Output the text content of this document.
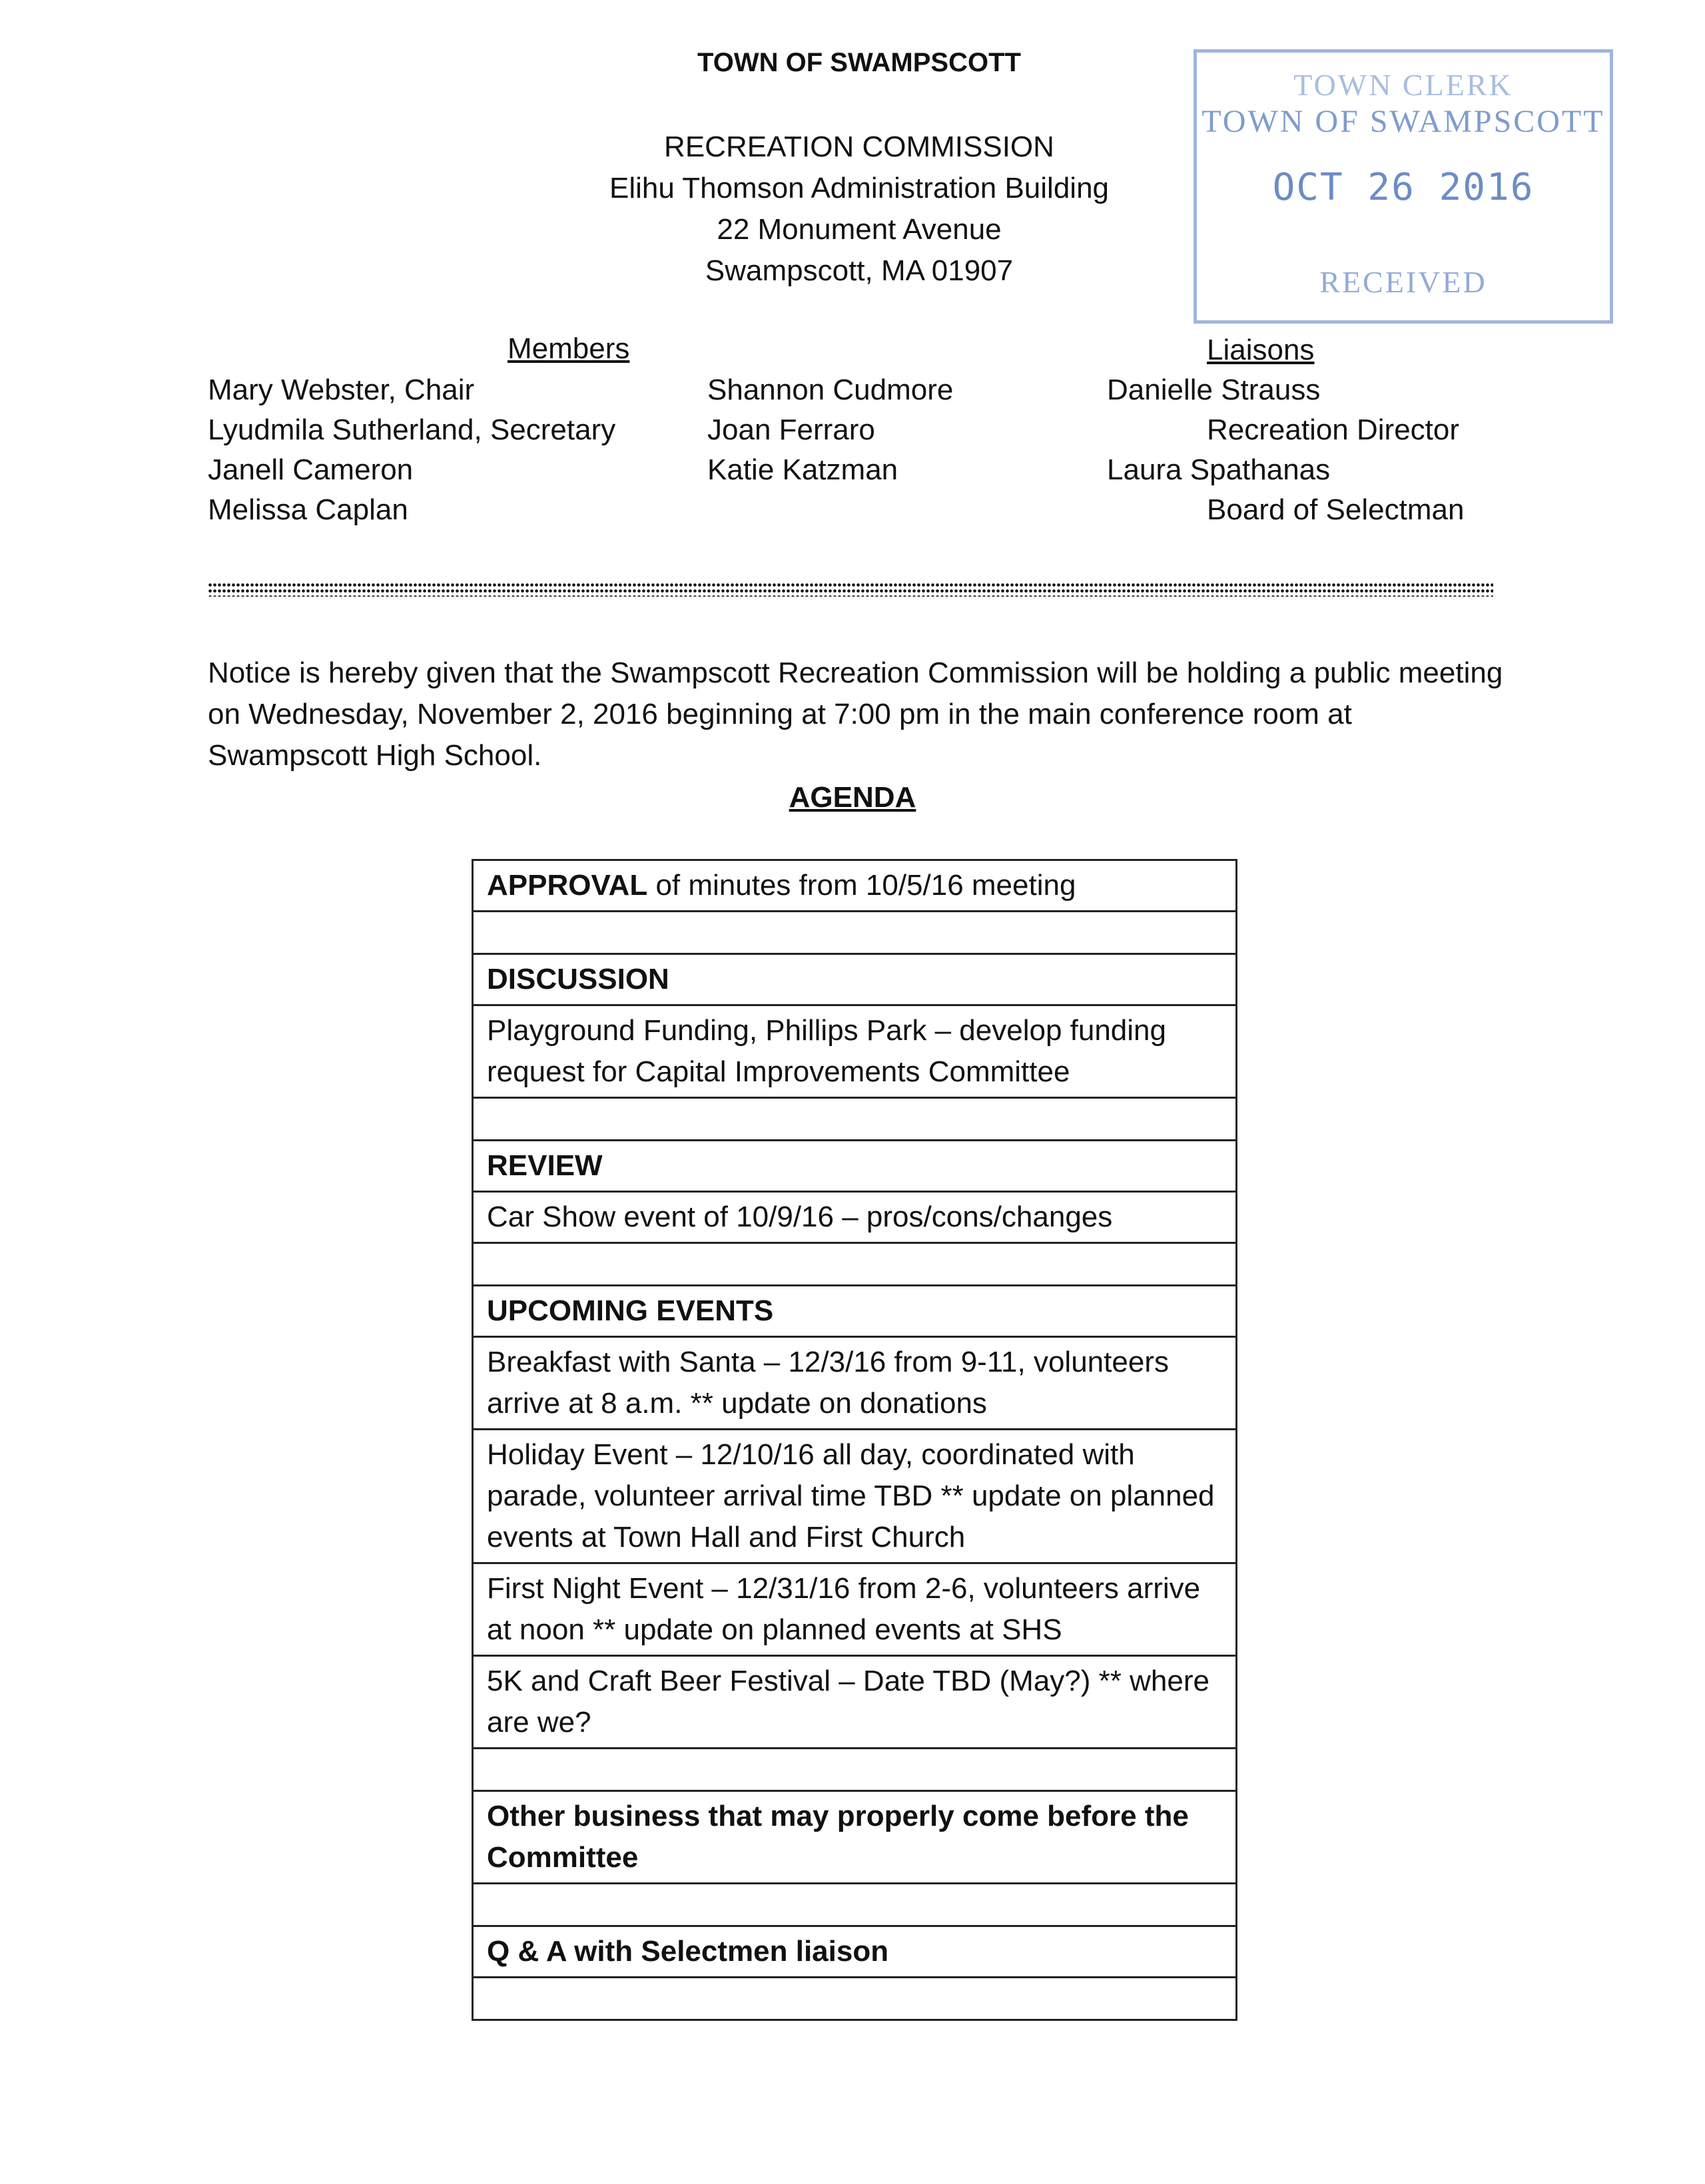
TOWN OF SWAMPSCOTT
RECREATION COMMISSION
Elihu Thomson Administration Building
22 Monument Avenue
Swampscott, MA 01907
TOWN CLERK
TOWN OF SWAMPSCOTT
OCT 26 2016
RECEIVED
Members	Liaisons
Mary Webster, Chair
Lyudmila Sutherland, Secretary
Janell Cameron
Melissa Caplan
Shannon Cudmore
Joan Ferraro
Katie Katzman
Danielle Strauss
Recreation Director
Laura Spathanas
Board of Selectman
Notice is hereby given that the Swampscott Recreation Commission will be holding a public meeting on Wednesday, November 2, 2016 beginning at 7:00 pm in the main conference room at Swampscott High School.
AGENDA
APPROVAL of minutes from 10/5/16 meeting
DISCUSSION
Playground Funding, Phillips Park – develop funding request for Capital Improvements Committee
REVIEW
Car Show event of 10/9/16 – pros/cons/changes
UPCOMING EVENTS
Breakfast with Santa – 12/3/16 from 9-11, volunteers arrive at 8 a.m. ** update on donations
Holiday Event – 12/10/16 all day, coordinated with parade, volunteer arrival time TBD ** update on planned events at Town Hall and First Church
First Night Event – 12/31/16 from 2-6, volunteers arrive at noon ** update on planned events at SHS
5K and Craft Beer Festival – Date TBD (May?) ** where are we?
Other business that may properly come before the Committee
Q & A with Selectmen liaison
